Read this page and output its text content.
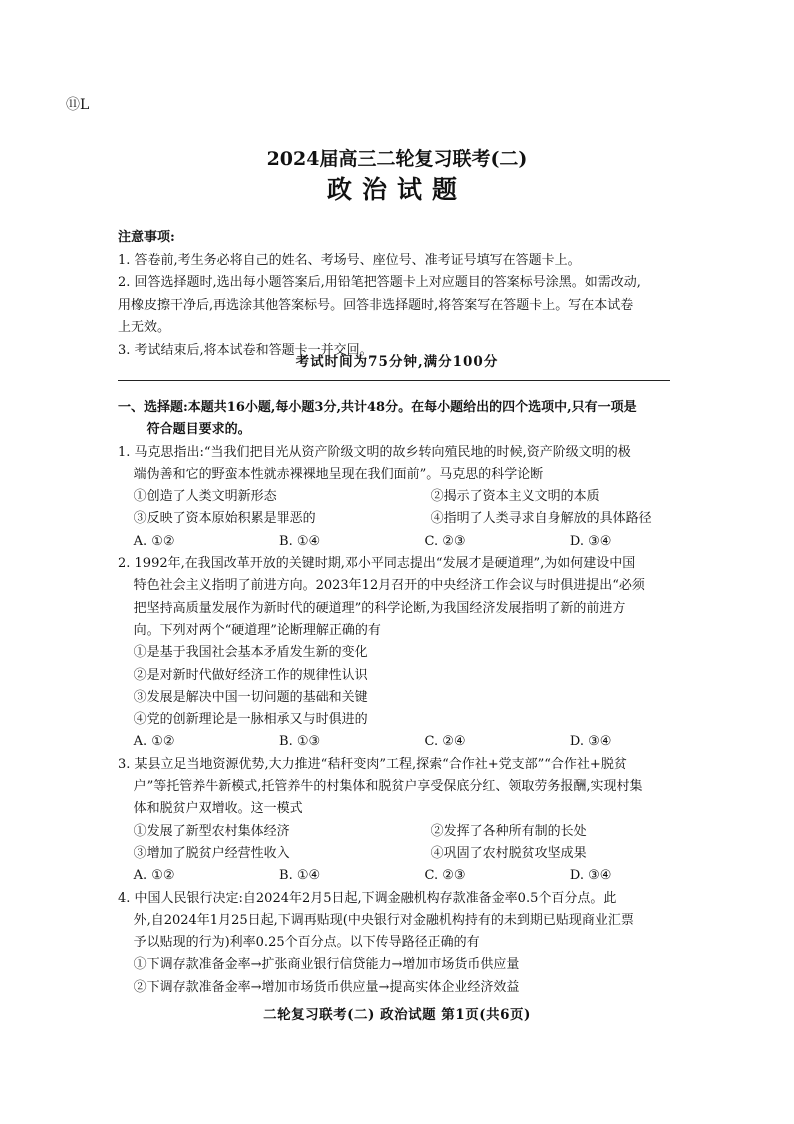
⑪L
2024届高三二轮复习联考(二)
政治试题
注意事项:
1. 答卷前,考生务必将自己的姓名、考场号、座位号、准考证号填写在答题卡上。
2. 回答选择题时,选出每小题答案后,用铅笔把答题卡上对应题目的答案标号涂黑。如需改动,
用橡皮擦干净后,再选涂其他答案标号。回答非选择题时,将答案写在答题卡上。写在本试卷
上无效。
3. 考试结束后,将本试卷和答题卡一并交回。
考试时间为75分钟,满分100分
一、选择题:本题共16小题,每小题3分,共计48分。在每小题给出的四个选项中,只有一项是
符合题目要求的。
1. 马克思指出:“当我们把目光从资产阶级文明的故乡转向殖民地的时候,资产阶级文明的极
端伪善和它的野蛮本性就赤裸裸地呈现在我们面前”。马克思的科学论断
①创造了人类文明新形态	②揭示了资本主义文明的本质
③反映了资本原始积累是罪恶的	④指明了人类寻求自身解放的具体路径
A. ①②	B. ①④	C. ②③	D. ③④
2. 1992年,在我国改革开放的关键时期,邓小平同志提出“发展才是硬道理”,为如何建设中国
特色社会主义指明了前进方向。2023年12月召开的中央经济工作会议与时俱进提出“必须
把坚持高质量发展作为新时代的硬道理”的科学论断,为我国经济发展指明了新的前进方
向。下列对两个“硬道理”论断理解正确的有
①是基于我国社会基本矛盾发生新的变化
②是对新时代做好经济工作的规律性认识
③发展是解决中国一切问题的基础和关键
④党的创新理论是一脉相承又与时俱进的
A. ①②	B. ①③	C. ②④	D. ③④
3. 某县立足当地资源优势,大力推进“秸秆变肉”工程,探索“合作社+党支部”“合作社+脱贫
户”等托管养牛新模式,托管养牛的村集体和脱贫户享受保底分红、领取劳务报酬,实现村集
体和脱贫户双增收。这一模式
①发展了新型农村集体经济	②发挥了各种所有制的长处
③增加了脱贫户经营性收入	④巩固了农村脱贫攻坚成果
A. ①②	B. ①④	C. ②③	D. ③④
4. 中国人民银行决定:自2024年2月5日起,下调金融机构存款准备金率0.5个百分点。此
外,自2024年1月25日起,下调再贴现(中央银行对金融机构持有的未到期已贴现商业汇票
予以贴现的行为)利率0.25个百分点。以下传导路径正确的有
①下调存款准备金率→扩张商业银行信贷能力→增加市场货币供应量
②下调存款准备金率→增加市场货币供应量→提高实体企业经济效益
二轮复习联考(二) 政治试题 第1页(共6页)
